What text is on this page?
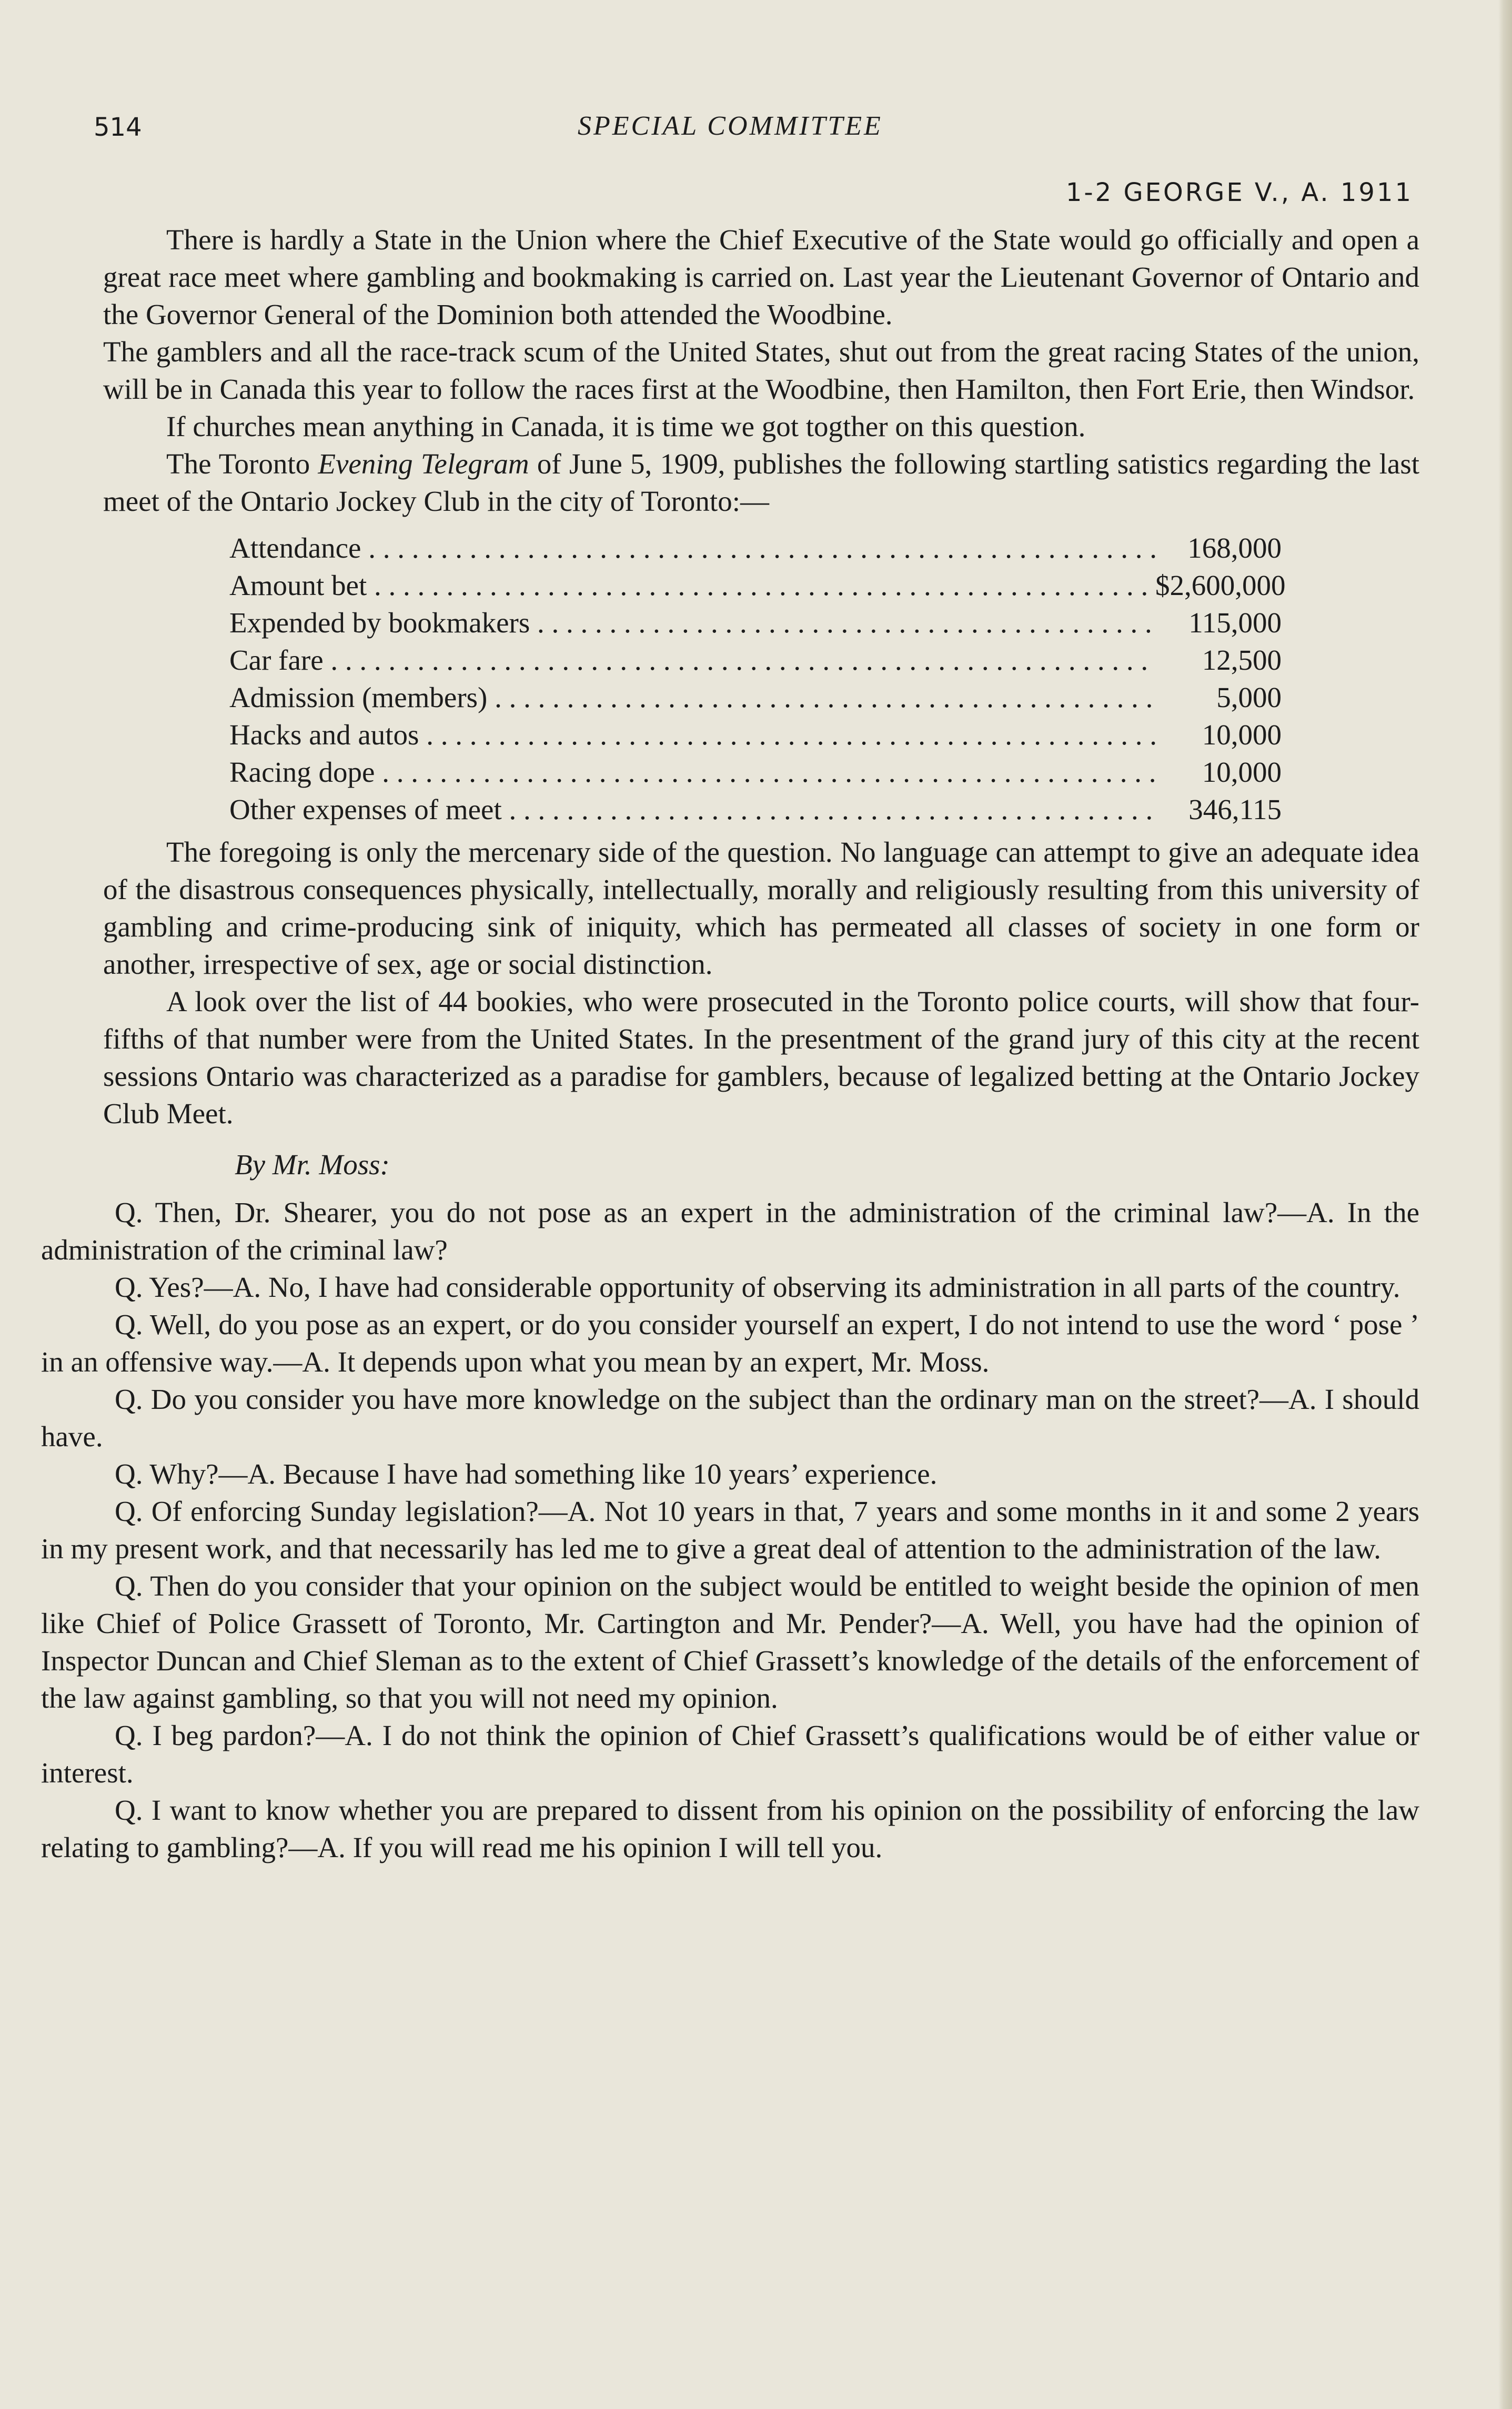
514	SPECIAL COMMITTEE
1-2 GEORGE V., A. 1911

There is hardly a State in the Union where the Chief Executive of the State would go officially and open a great race meet where gambling and bookmaking is carried on. Last year the Lieutenant Governor of Ontario and the Governor General of the Dominion both attended the Woodbine.

The gamblers and all the race-track scum of the United States, shut out from the great racing States of the union, will be in Canada this year to follow the races first at the Woodbine, then Hamilton, then Fort Erie, then Windsor.

If churches mean anything in Canada, it is time we got togther on this question.

The Toronto Evening Telegram of June 5, 1909, publishes the following startling satistics regarding the last meet of the Ontario Jockey Club in the city of Toronto:—

Attendance . . .	168,000
Amount bet . . .	$2,600,000
Expended by bookmakers . . .	115,000
Car fare . . .	12,500
Admission (members) . . .	5,000
Hacks and autos . . .	10,000
Racing dope . . .	10,000
Other expenses of meet . . .	346,115

The foregoing is only the mercenary side of the question. No language can attempt to give an adequate idea of the disastrous consequences physically, intellectually, morally and religiously resulting from this university of gambling and crime-producing sink of iniquity, which has permeated all classes of society in one form or another, irrespective of sex, age or social distinction.

A look over the list of 44 bookies, who were prosecuted in the Toronto police courts, will show that four-fifths of that number were from the United States. In the presentment of the grand jury of this city at the recent sessions Ontario was characterized as a paradise for gamblers, because of legalized betting at the Ontario Jockey Club Meet.

By Mr. Moss:

Q. Then, Dr. Shearer, you do not pose as an expert in the administration of the criminal law?—A. In the administration of the criminal law?

Q. Yes?—A. No, I have had considerable opportunity of observing its administration in all parts of the country.

Q. Well, do you pose as an expert, or do you consider yourself an expert, I do not intend to use the word ‘ pose ’ in an offensive way.—A. It depends upon what you mean by an expert, Mr. Moss.

Q. Do you consider you have more knowledge on the subject than the ordinary man on the street?—A. I should have.

Q. Why?—A. Because I have had something like 10 years’ experience.

Q. Of enforcing Sunday legislation?—A. Not 10 years in that, 7 years and some months in it and some 2 years in my present work, and that necessarily has led me to give a great deal of attention to the administration of the law.

Q. Then do you consider that your opinion on the subject would be entitled to weight beside the opinion of men like Chief of Police Grassett of Toronto, Mr. Cartington and Mr. Pender?—A. Well, you have had the opinion of Inspector Duncan and Chief Sleman as to the extent of Chief Grassett’s knowledge of the details of the enforcement of the law against gambling, so that you will not need my opinion.

Q. I beg pardon?—A. I do not think the opinion of Chief Grassett’s qualifications would be of either value or interest.

Q. I want to know whether you are prepared to dissent from his opinion on the possibility of enforcing the law relating to gambling?—A. If you will read me his opinion I will tell you.
